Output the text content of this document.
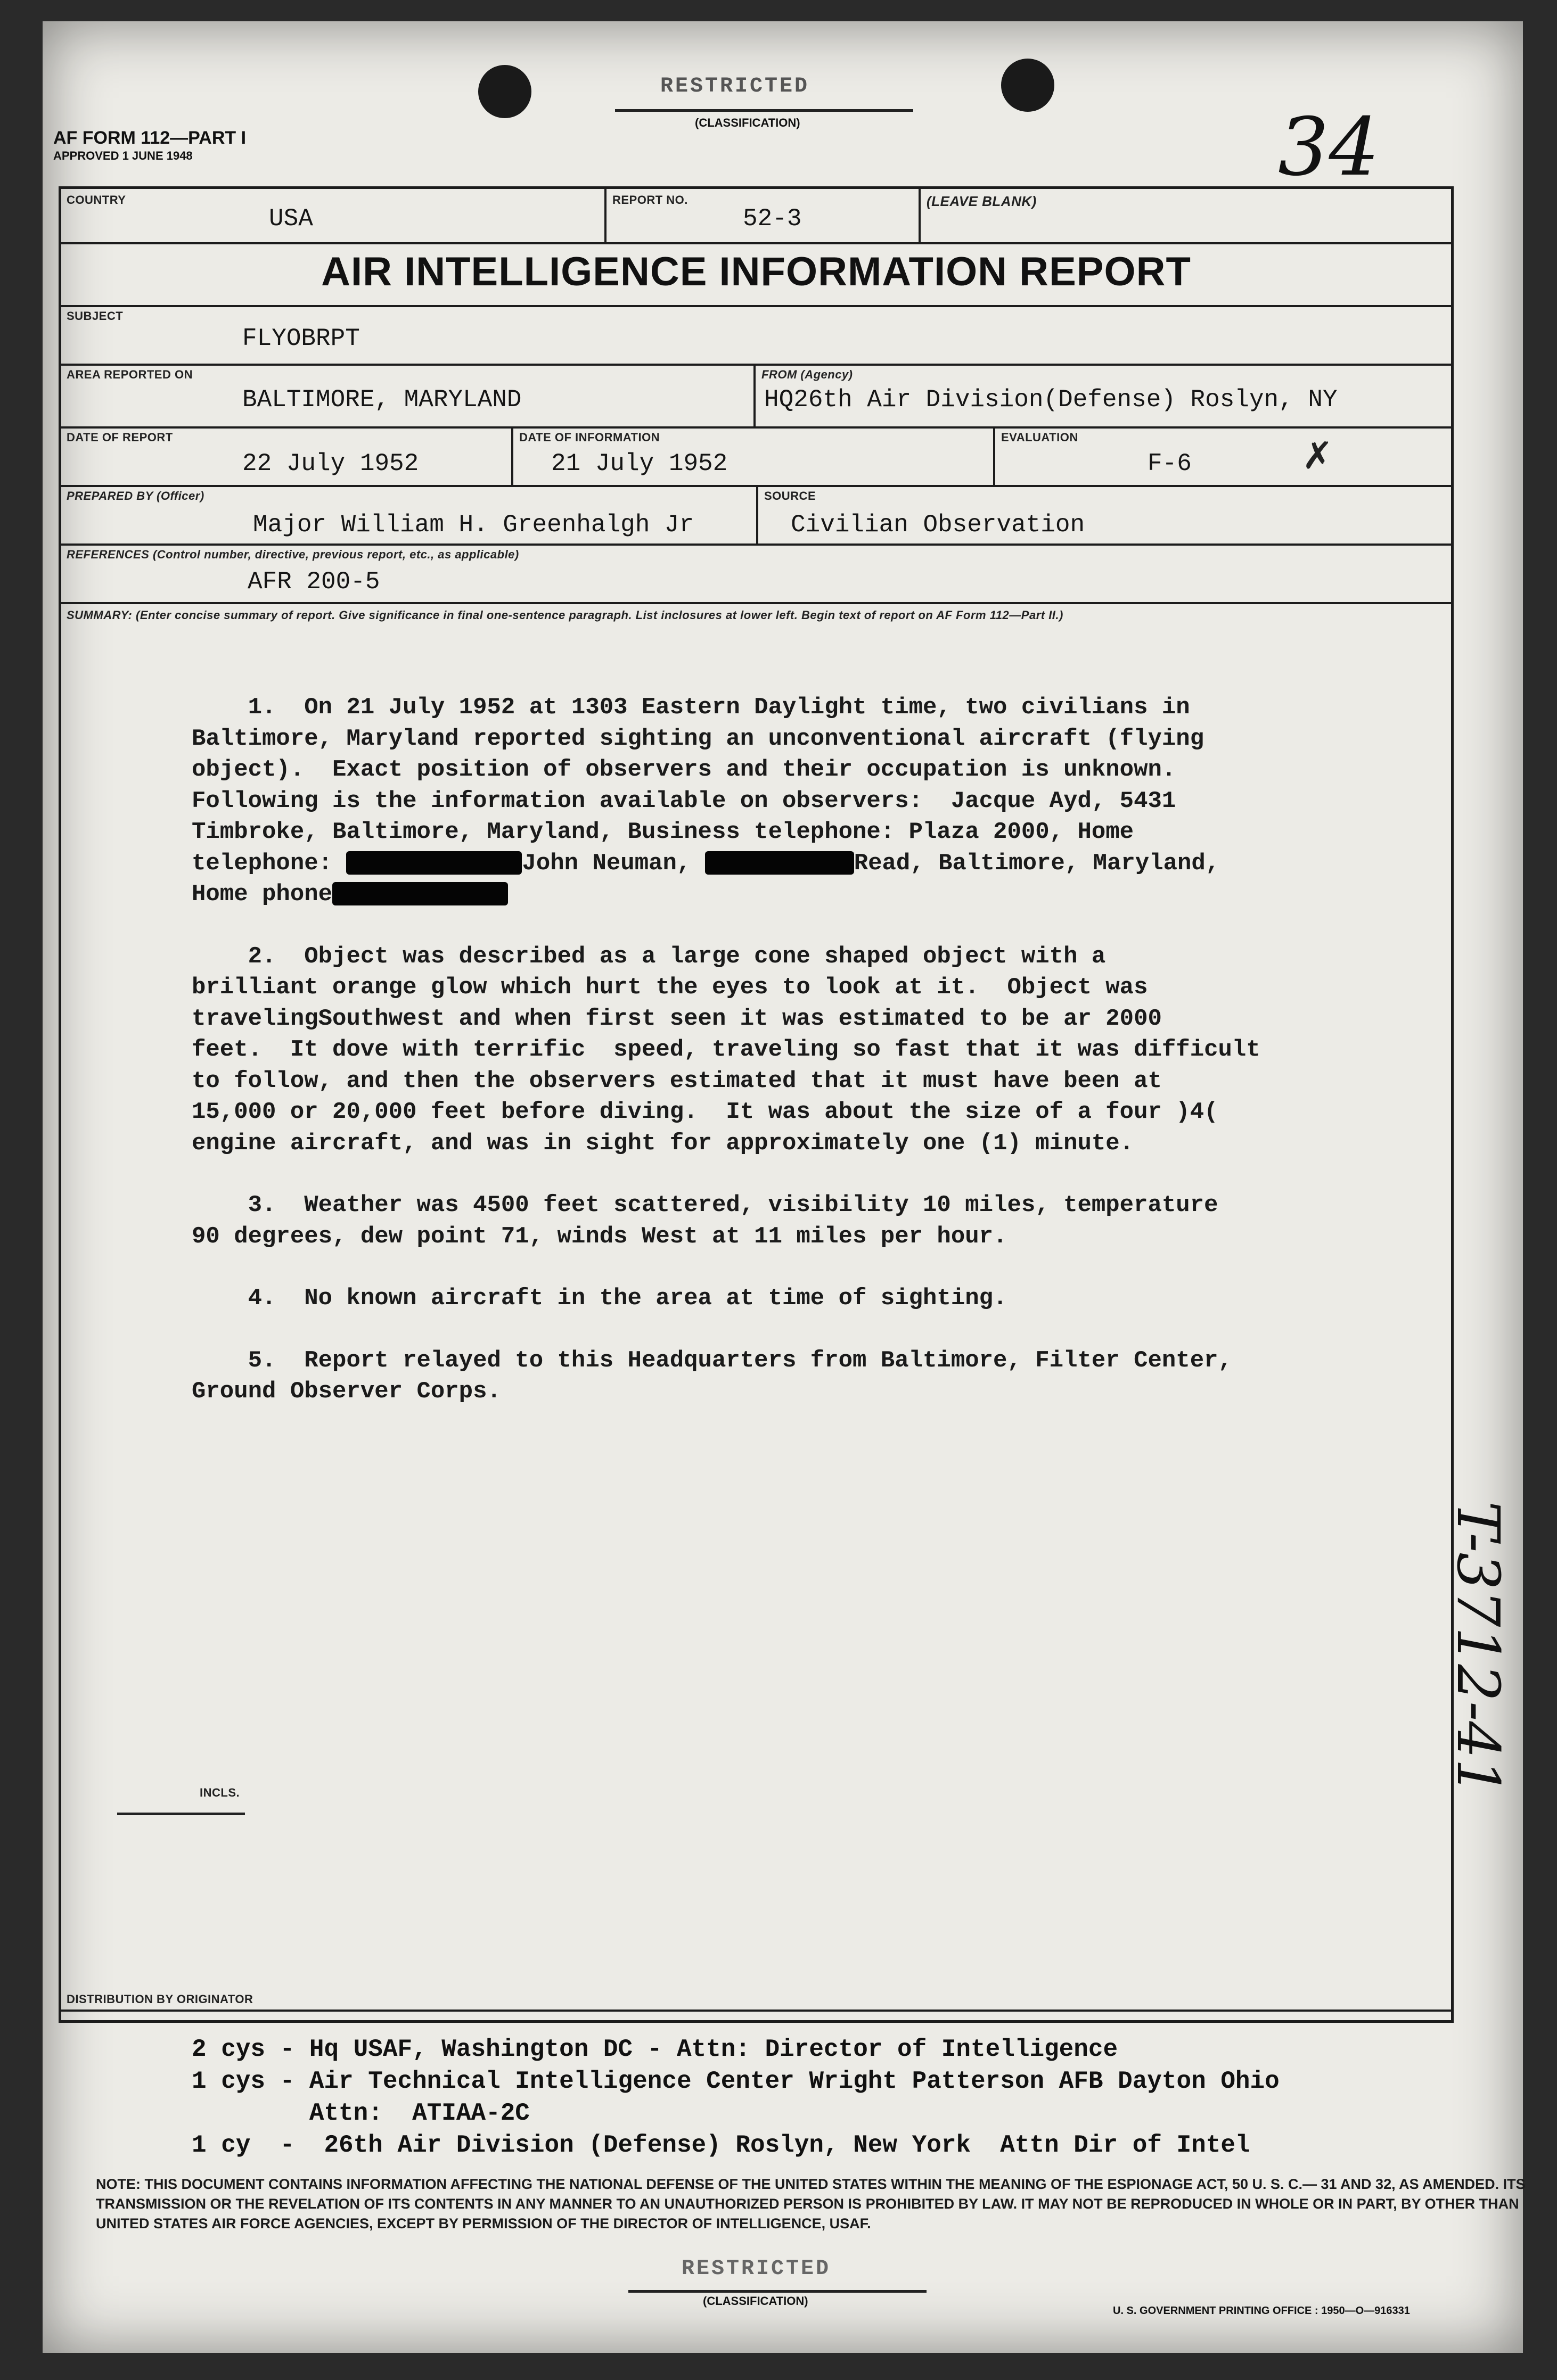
RESTRICTED
(CLASSIFICATION)
AF FORM 112—PART I
APPROVED 1 JUNE 1948	34
COUNTRY
USA
REPORT NO.
52-3
(LEAVE BLANK)
AIR INTELLIGENCE INFORMATION REPORT
SUBJECT
FLYOBRPT
AREA REPORTED ON
BALTIMORE, MARYLAND
FROM (Agency)
HQ26th Air Division(Defense) Roslyn, NY
DATE OF REPORT
22 July 1952
DATE OF INFORMATION
21 July 1952
EVALUATION
F-6	✗
PREPARED BY (Officer)
Major William H. Greenhalgh Jr
SOURCE
Civilian Observation
REFERENCES (Control number, directive, previous report, etc., as applicable)
AFR 200-5
SUMMARY: (Enter concise summary of report. Give significance in final one-sentence paragraph. List inclosures at lower left. Begin text of report on AF Form 112—Part II.)
INCLS.
DISTRIBUTION BY ORIGINATOR
1.  On 21 July 1952 at 1303 Eastern Daylight time, two civilians in
Baltimore, Maryland reported sighting an unconventional aircraft (flying
object).  Exact position of observers and their occupation is unknown.
Following is the information available on observers:  Jacque Ayd, 5431
Timbroke, Baltimore, Maryland, Business telephone: Plaza 2000, Home
telephone:	John Neuman,	Read, Baltimore, Maryland,
Home phone
2.  Object was described as a large cone shaped object with a
brilliant orange glow which hurt the eyes to look at it.  Object was
travelingSouthwest and when first seen it was estimated to be ar 2000
feet.  It dove with terrific  speed, traveling so fast that it was difficult
to follow, and then the observers estimated that it must have been at
15,000 or 20,000 feet before diving.  It was about the size of a four )4(
engine aircraft, and was in sight for approximately one (1) minute.
3.  Weather was 4500 feet scattered, visibility 10 miles, temperature
90 degrees, dew point 71, winds West at 11 miles per hour.
4.  No known aircraft in the area at time of sighting.
5.  Report relayed to this Headquarters from Baltimore, Filter Center,
Ground Observer Corps.
2 cys - Hq USAF, Washington DC - Attn: Director of Intelligence
1 cys - Air Technical Intelligence Center Wright Patterson AFB Dayton Ohio
Attn:  ATIAA-2C
1 cy  -  26th Air Division (Defense) Roslyn, New York  Attn Dir of Intel
NOTE: THIS DOCUMENT CONTAINS INFORMATION AFFECTING THE NATIONAL DEFENSE OF THE UNITED STATES WITHIN THE MEANING OF THE ESPIONAGE ACT, 50 U. S. C.— 31 AND 32, AS AMENDED. ITS TRANSMISSION OR THE REVELATION OF ITS CONTENTS IN ANY MANNER TO AN UNAUTHORIZED PERSON IS PROHIBITED BY LAW. IT MAY NOT BE REPRODUCED IN WHOLE OR IN PART, BY OTHER THAN UNITED STATES AIR FORCE AGENCIES, EXCEPT BY PERMISSION OF THE DIRECTOR OF INTELLIGENCE, USAF.
RESTRICTED
(CLASSIFICATION)
U. S. GOVERNMENT PRINTING OFFICE : 1950—O—916331
T-3712-41
